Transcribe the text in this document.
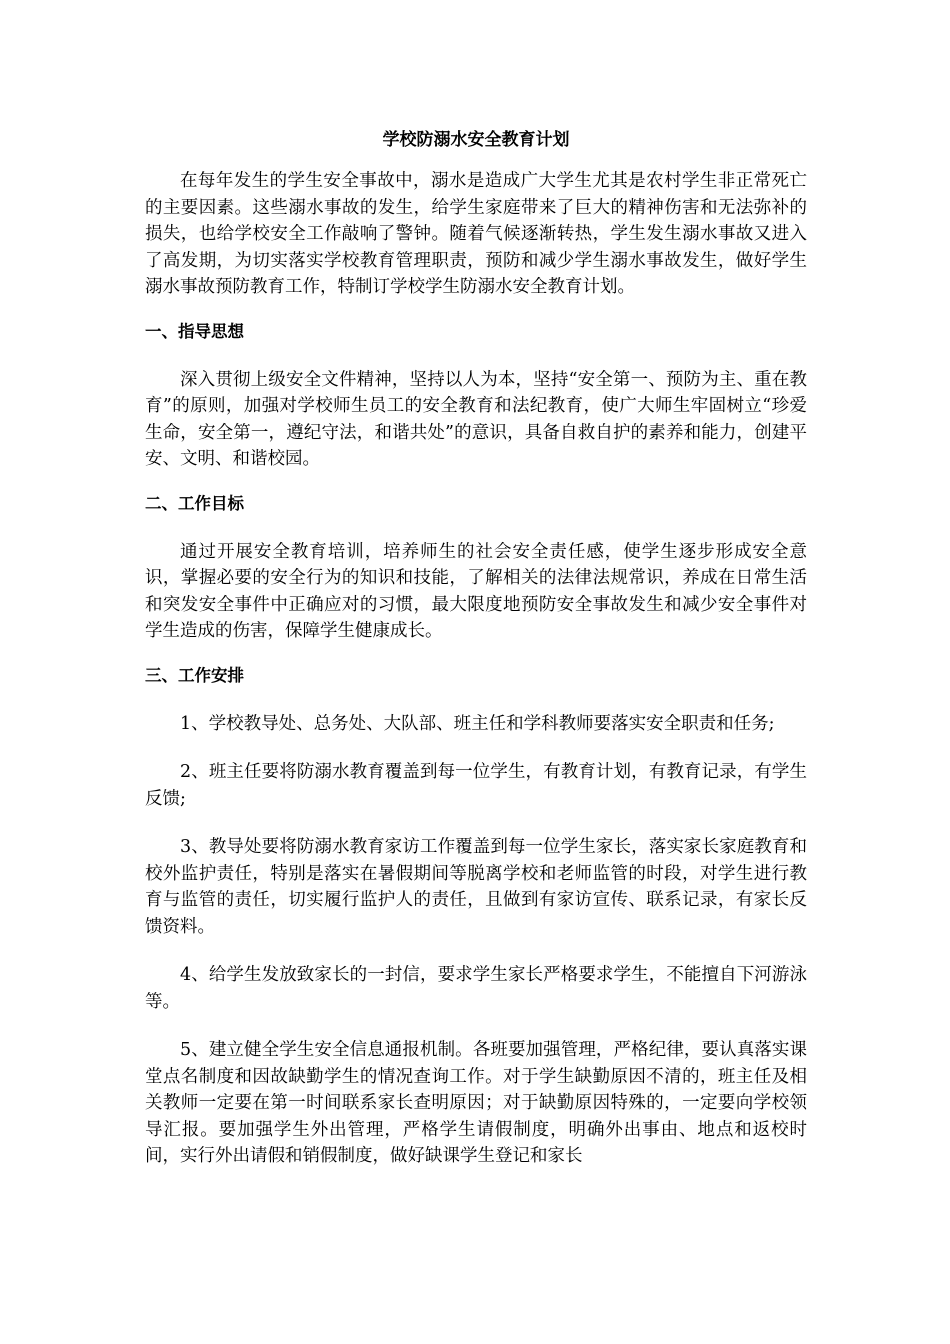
学校防溺水安全教育计划

在每年发生的学生安全事故中，溺水是造成广大学生尤其是农村学生非正常死亡的主要因素。这些溺水事故的发生，给学生家庭带来了巨大的精神伤害和无法弥补的损失，也给学校安全工作敲响了警钟。随着气候逐渐转热，学生发生溺水事故又进入了高发期，为切实落实学校教育管理职责，预防和减少学生溺水事故发生，做好学生溺水事故预防教育工作，特制订学校学生防溺水安全教育计划。

一、指导思想

深入贯彻上级安全文件精神，坚持以人为本，坚持“安全第一、预防为主、重在教育”的原则，加强对学校师生员工的安全教育和法纪教育，使广大师生牢固树立“珍爱生命，安全第一，遵纪守法，和谐共处”的意识，具备自救自护的素养和能力，创建平安、文明、和谐校园。

二、工作目标

通过开展安全教育培训，培养师生的社会安全责任感，使学生逐步形成安全意识，掌握必要的安全行为的知识和技能，了解相关的法律法规常识，养成在日常生活和突发安全事件中正确应对的习惯，最大限度地预防安全事故发生和减少安全事件对学生造成的伤害，保障学生健康成长。

三、工作安排

1、学校教导处、总务处、大队部、班主任和学科教师要落实安全职责和任务;

2、班主任要将防溺水教育覆盖到每一位学生，有教育计划，有教育记录，有学生反馈;

3、教导处要将防溺水教育家访工作覆盖到每一位学生家长，落实家长家庭教育和校外监护责任，特别是落实在暑假期间等脱离学校和老师监管的时段，对学生进行教育与监管的责任，切实履行监护人的责任，且做到有家访宣传、联系记录，有家长反馈资料。

4、给学生发放致家长的一封信，要求学生家长严格要求学生，不能擅自下河游泳等。

5、建立健全学生安全信息通报机制。各班要加强管理，严格纪律，要认真落实课堂点名制度和因故缺勤学生的情况查询工作。对于学生缺勤原因不清的，班主任及相关教师一定要在第一时间联系家长查明原因；对于缺勤原因特殊的，一定要向学校领导汇报。要加强学生外出管理，严格学生请假制度，明确外出事由、地点和返校时间，实行外出请假和销假制度，做好缺课学生登记和家长
